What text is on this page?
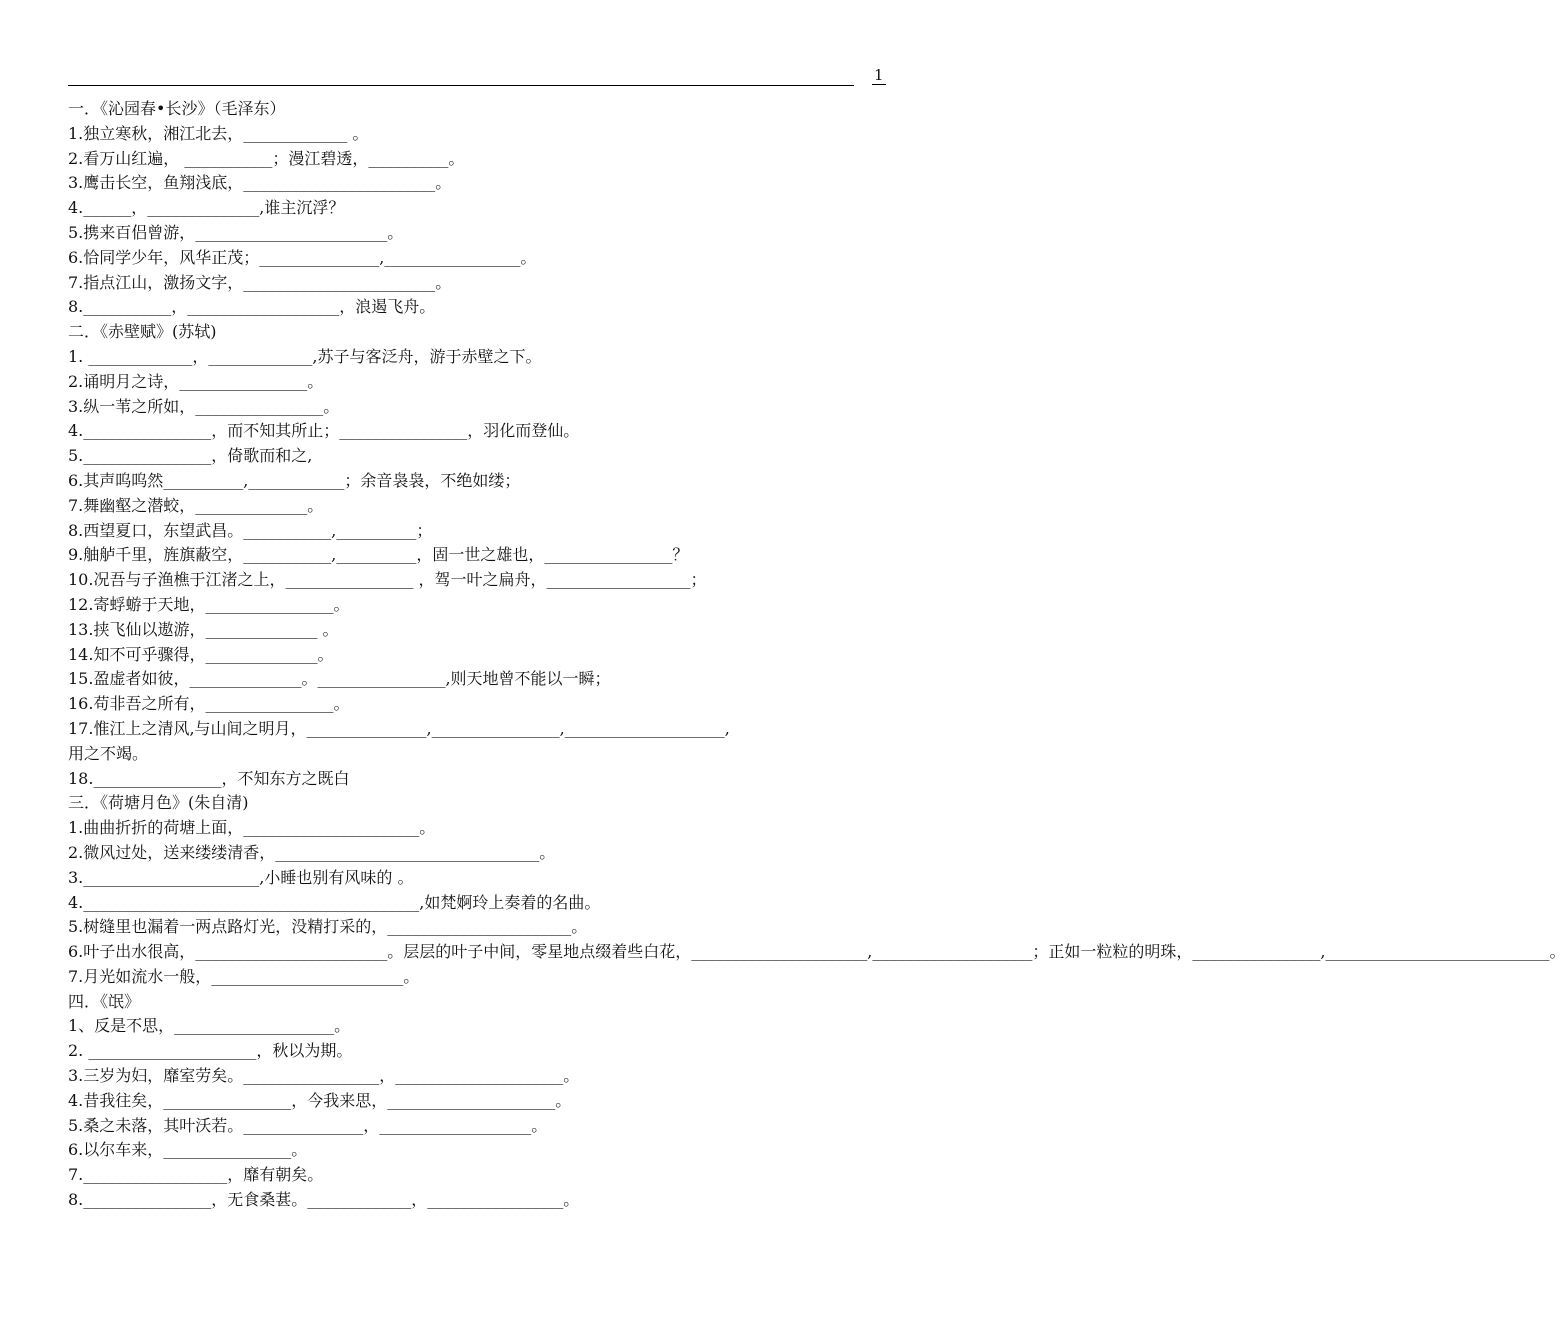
1
一．《沁园春•长沙》（毛泽东）
1.独立寒秋，湘江北去，_____________ 。
2.看万山红遍， ___________；漫江碧透，__________。
3.鹰击长空，鱼翔浅底，________________________。
4.______，______________,谁主沉浮？
5.携来百侣曾游，________________________。
6.恰同学少年，风华正茂；_______________,_________________。
7.指点江山，激扬文字，________________________。
8.___________，___________________，浪遏飞舟。
二．《赤壁赋》(苏轼)
1. _____________，_____________,苏子与客泛舟，游于赤壁之下。
2.诵明月之诗，________________。
3.纵一苇之所如，________________。
4.________________，而不知其所止；________________，羽化而登仙。
5.________________，倚歌而和之,
6.其声呜呜然__________,____________；余音袅袅，不绝如缕；
7.舞幽壑之潜蛟，______________。
8.西望夏口，东望武昌。___________,__________；
9.舳舻千里，旌旗蔽空，___________,__________，固一世之雄也，________________？
10.况吾与子渔樵于江渚之上，________________ ，驾一叶之扁舟，__________________；
12.寄蜉蝣于天地，________________。
13.挟飞仙以遨游，______________ 。
14.知不可乎骤得，______________。
15.盈虚者如彼，______________。________________,则天地曾不能以一瞬；
16.苟非吾之所有，________________。
17.惟江上之清风,与山间之明月，_______________,________________,____________________,
用之不竭。
18.________________，不知东方之既白
三．《荷塘月色》(朱自清)
1.曲曲折折的荷塘上面，______________________。
2.微风过处，送来缕缕清香，_________________________________。
3.______________________,小睡也别有风味的 。
4.__________________________________________,如梵婀玲上奏着的名曲。
5.树缝里也漏着一两点路灯光，没精打采的，_______________________。
6.叶子出水很高，________________________。层层的叶子中间，零星地点缀着些白花，______________________,____________________；正如一粒粒的明珠，________________,____________________________。
7.月光如流水一般，________________________。
四．《氓》
1、反是不思，____________________。
2. _____________________，秋以为期。
3.三岁为妇，靡室劳矣。_________________，_____________________。
4.昔我往矣，________________，今我来思，_____________________。
5.桑之未落，其叶沃若。_______________，___________________。
6.以尔车来，________________。
7.__________________，靡有朝矣。
8.________________，无食桑葚。_____________，_________________。
